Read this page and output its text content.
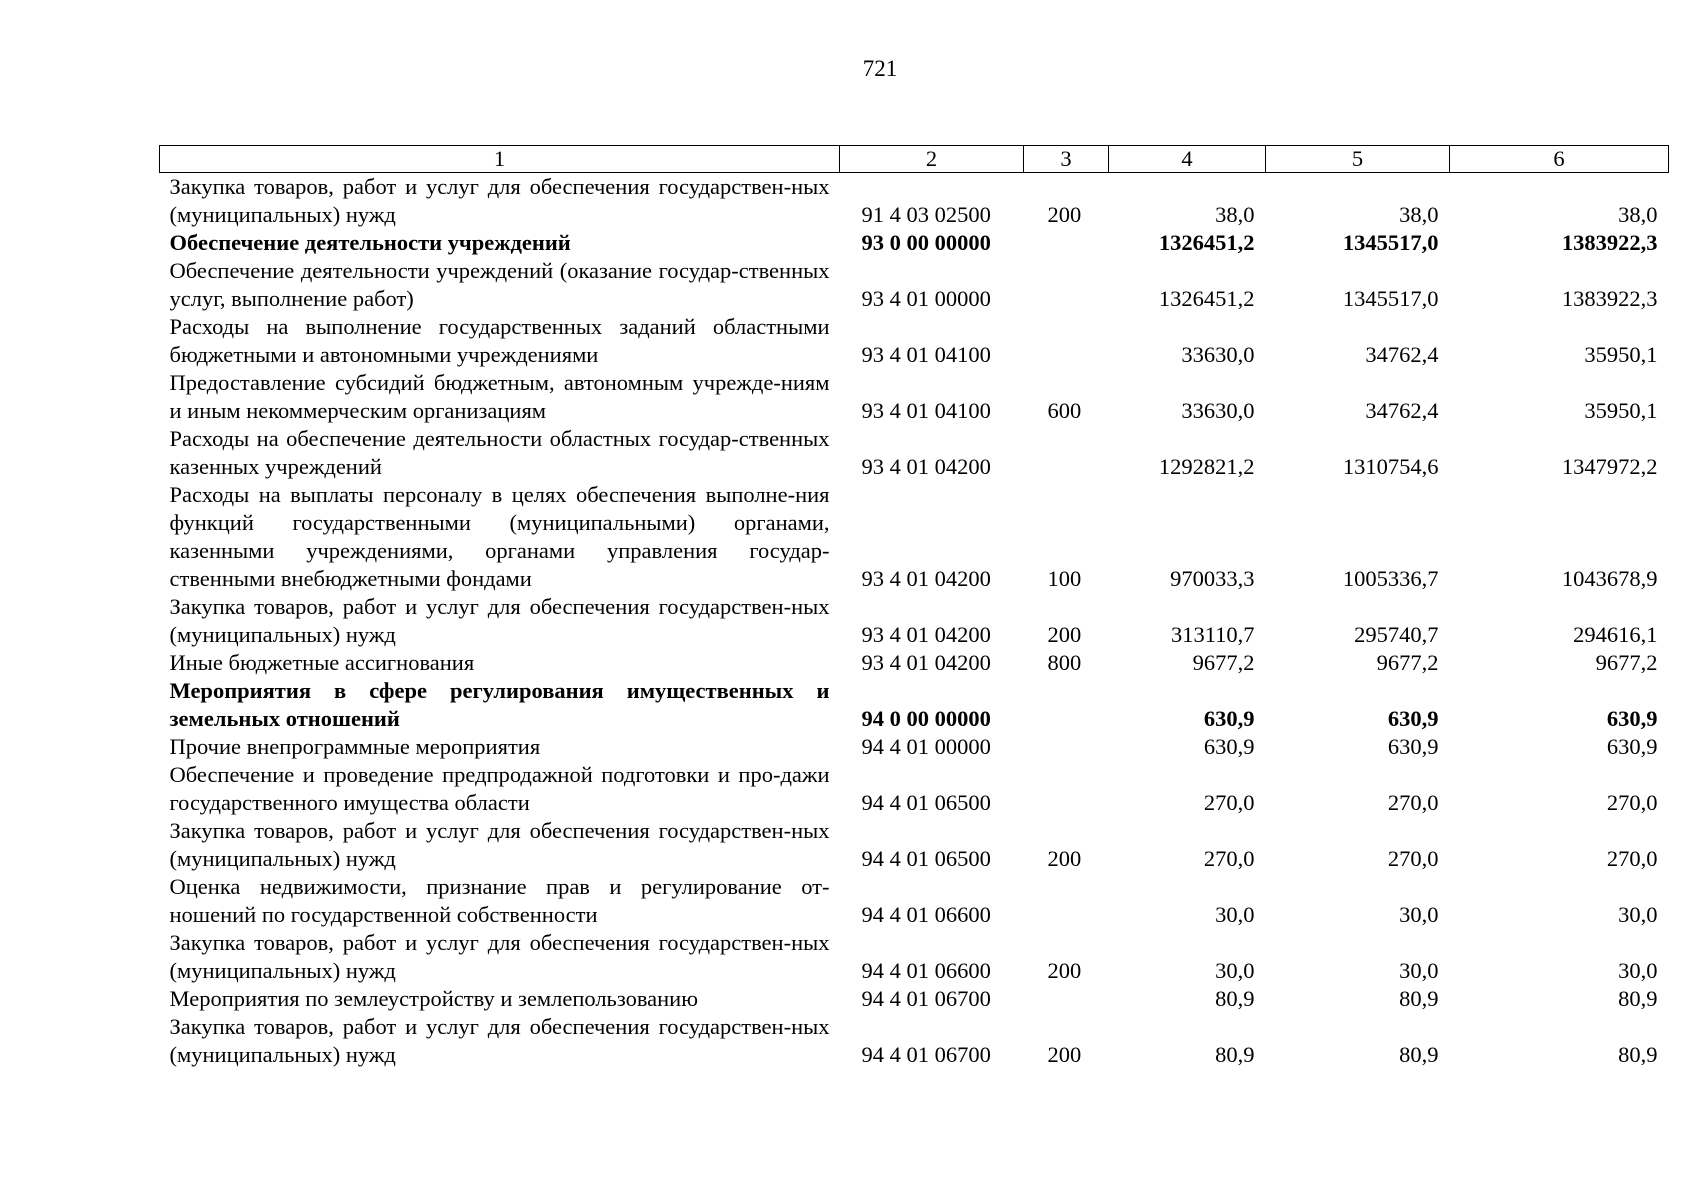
721
1	2	3	4	5	6
Закупка товаров, работ и услуг для обеспечения государствен-ных (муниципальных) нужд	91 4 03 02500	200	38,0	38,0	38,0
Обеспечение деятельности учреждений	93 0 00 00000		1326451,2	1345517,0	1383922,3
Обеспечение деятельности учреждений (оказание государ-ственных услуг, выполнение работ)	93 4 01 00000		1326451,2	1345517,0	1383922,3
Расходы на выполнение государственных заданий областными бюджетными и автономными учреждениями	93 4 01 04100		33630,0	34762,4	35950,1
Предоставление субсидий бюджетным, автономным учрежде-ниям и иным некоммерческим организациям	93 4 01 04100	600	33630,0	34762,4	35950,1
Расходы на обеспечение деятельности областных государ-ственных казенных учреждений	93 4 01 04200		1292821,2	1310754,6	1347972,2
Расходы на выплаты персоналу в целях обеспечения выполне-ния функций государственными (муниципальными) органами, казенными учреждениями, органами управления государ-ственными внебюджетными фондами	93 4 01 04200	100	970033,3	1005336,7	1043678,9
Закупка товаров, работ и услуг для обеспечения государствен-ных (муниципальных) нужд	93 4 01 04200	200	313110,7	295740,7	294616,1
Иные бюджетные ассигнования	93 4 01 04200	800	9677,2	9677,2	9677,2
Мероприятия в сфере регулирования имущественных и земельных отношений	94 0 00 00000		630,9	630,9	630,9
Прочие внепрограммные мероприятия	94 4 01 00000		630,9	630,9	630,9
Обеспечение и проведение предпродажной подготовки и про-дажи государственного имущества области	94 4 01 06500		270,0	270,0	270,0
Закупка товаров, работ и услуг для обеспечения государствен-ных (муниципальных) нужд	94 4 01 06500	200	270,0	270,0	270,0
Оценка недвижимости, признание прав и регулирование от-ношений по государственной собственности	94 4 01 06600		30,0	30,0	30,0
Закупка товаров, работ и услуг для обеспечения государствен-ных (муниципальных) нужд	94 4 01 06600	200	30,0	30,0	30,0
Мероприятия по землеустройству и землепользованию	94 4 01 06700		80,9	80,9	80,9
Закупка товаров, работ и услуг для обеспечения государствен-ных (муниципальных) нужд	94 4 01 06700	200	80,9	80,9	80,9
